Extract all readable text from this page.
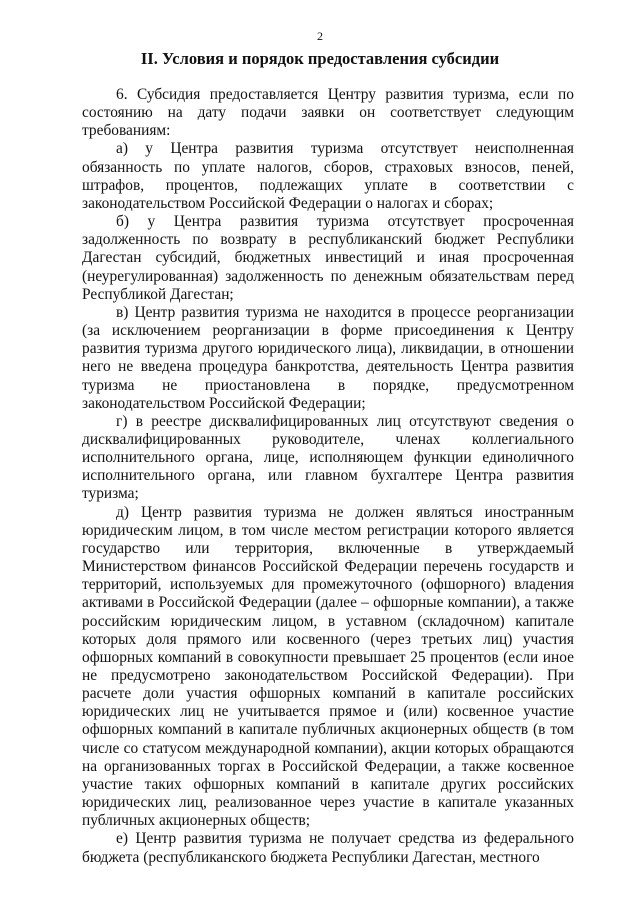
2
II. Условия и порядок предоставления субсидии

6. Субсидия предоставляется Центру развития туризма, если по состоянию на дату подачи заявки он соответствует следующим требованиям:

а) у Центра развития туризма отсутствует неисполненная обязанность по уплате налогов, сборов, страховых взносов, пеней, штрафов, процентов, подлежащих уплате в соответствии с законодательством Российской Федерации о налогах и сборах;

б) у Центра развития туризма отсутствует просроченная задолженность по возврату в республиканский бюджет Республики Дагестан субсидий, бюджетных инвестиций и иная просроченная (неурегулированная) задолженность по денежным обязательствам перед Республикой Дагестан;

в) Центр развития туризма не находится в процессе реорганизации (за исключением реорганизации в форме присоединения к Центру развития туризма другого юридического лица), ликвидации, в отношении него не введена процедура банкротства, деятельность Центра развития туризма не приостановлена в порядке, предусмотренном законодательством Российской Федерации;

г) в реестре дисквалифицированных лиц отсутствуют сведения о дисквалифицированных руководителе, членах коллегиального исполнительного органа, лице, исполняющем функции единоличного исполнительного органа, или главном бухгалтере Центра развития туризма;

д) Центр развития туризма не должен являться иностранным юридическим лицом, в том числе местом регистрации которого является государство или территория, включенные в утверждаемый Министерством финансов Российской Федерации перечень государств и территорий, используемых для промежуточного (офшорного) владения активами в Российской Федерации (далее – офшорные компании), а также российским юридическим лицом, в уставном (складочном) капитале которых доля прямого или косвенного (через третьих лиц) участия офшорных компаний в совокупности превышает 25 процентов (если иное не предусмотрено законодательством Российской Федерации). При расчете доли участия офшорных компаний в капитале российских юридических лиц не учитывается прямое и (или) косвенное участие офшорных компаний в капитале публичных акционерных обществ (в том числе со статусом международной компании), акции которых обращаются на организованных торгах в Российской Федерации, а также косвенное участие таких офшорных компаний в капитале других российских юридических лиц, реализованное через участие в капитале указанных публичных акционерных обществ;

е) Центр развития туризма не получает средства из федерального бюджета (республиканского бюджета Республики Дагестан, местного
